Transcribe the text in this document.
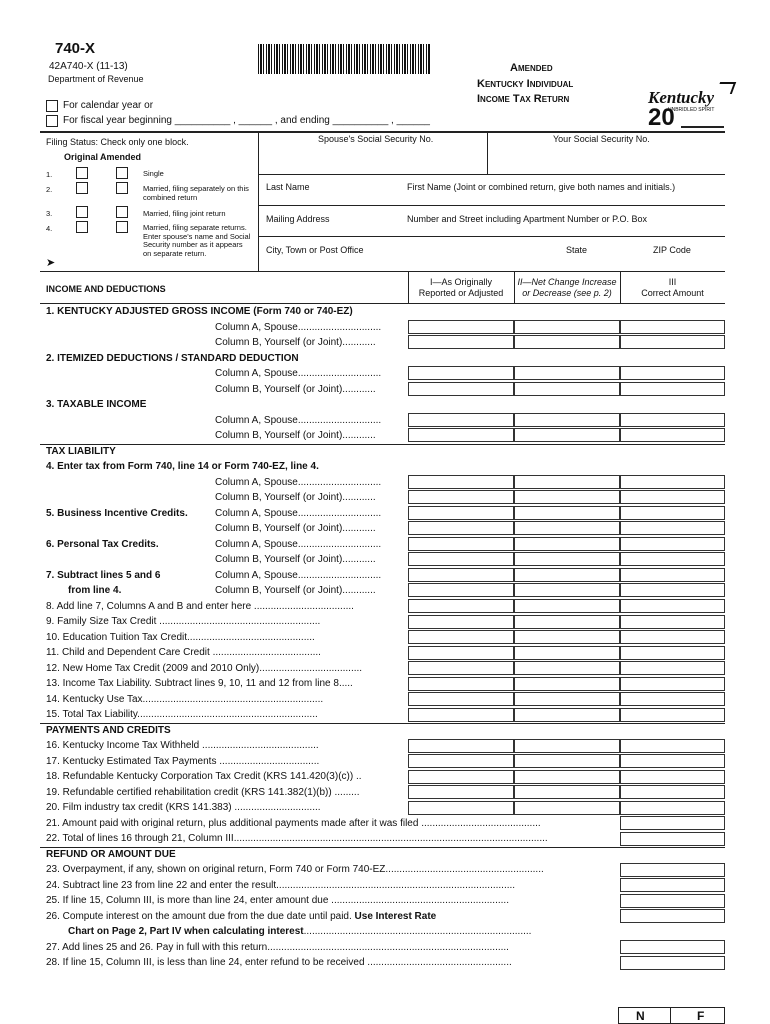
740-X
42A740-X (11-13)
Department of Revenue
Amended
Kentucky Individual
Income Tax Return	Kentucky
UNBRIDLED SPIRIT
20
For calendar year or
For fiscal year beginning __________ , ______ , and ending __________ , ______
Spouse's Social Security No.	Your Social Security No.
Filing Status: Check only one block.
Original Amended
1.	Single
2.	Married, filing separately on this combined return
3.	Married, filing joint return
4.	Married, filing separate returns. Enter spouse's name and Social Security number as it appears on separate return.
➤
Last Name	First Name (Joint or combined return, give both names and initials.)
Mailing Address	Number and Street including Apartment Number or P.O. Box
City, Town or Post Office	State	ZIP Code
INCOME AND DEDUCTIONS
I—As Originally
Reported or Adjusted
II—Net Change Increase
or Decrease (see p. 2)
III
Correct Amount
1. KENTUCKY ADJUSTED GROSS INCOME (Form 740 or 740-EZ)
Column A, Spouse..............................
Column B, Yourself (or Joint)............
2. ITEMIZED DEDUCTIONS / STANDARD DEDUCTION
Column A, Spouse..............................
Column B, Yourself (or Joint)............
3. TAXABLE INCOME
Column A, Spouse..............................
Column B, Yourself (or Joint)............
TAX LIABILITY
4. Enter tax from Form 740, line 14 or Form 740-EZ, line 4.
Column A, Spouse..............................
Column B, Yourself (or Joint)............
5. Business Incentive Credits.	Column A, Spouse..............................
Column B, Yourself (or Joint)............
6. Personal Tax Credits.	Column A, Spouse..............................
Column B, Yourself (or Joint)............
7. Subtract lines 5 and 6
from line 4.
Column A, Spouse..............................
Column B, Yourself (or Joint)............
8. Add line 7, Columns A and B and enter here ....................................
9. Family Size Tax Credit ..........................................................
10. Education Tuition Tax Credit..............................................
11. Child and Dependent Care Credit .......................................
12. New Home Tax Credit (2009 and 2010 Only).....................................
13. Income Tax Liability. Subtract lines 9, 10, 11 and 12 from line 8.....
14. Kentucky Use Tax.................................................................
15. Total Tax Liability.................................................................
PAYMENTS AND CREDITS
16. Kentucky Income Tax Withheld ..........................................
17. Kentucky Estimated Tax Payments ....................................
18. Refundable Kentucky Corporation Tax Credit (KRS 141.420(3)(c)) ..
19. Refundable certified rehabilitation credit (KRS 141.382(1)(b)) .........
20. Film industry tax credit (KRS 141.383) ...............................
21. Amount paid with original return, plus additional payments made after it was filed ...........................................
22. Total of lines 16 through 21, Column III.................................................................................................................
REFUND OR AMOUNT DUE
23. Overpayment, if any, shown on original return, Form 740 or Form 740-EZ.........................................................
24. Subtract line 23 from line 22 and enter the result......................................................................................
25. If line 15, Column III, is more than line 24, enter amount due ................................................................
26. Compute interest on the amount due from the due date until paid. Use Interest Rate
Chart on Page 2, Part IV when calculating interest..................................................................................
27. Add lines 25 and 26. Pay in full with this return.......................................................................................
28. If line 15, Column III, is less than line 24, enter refund to be received ....................................................
N	F
